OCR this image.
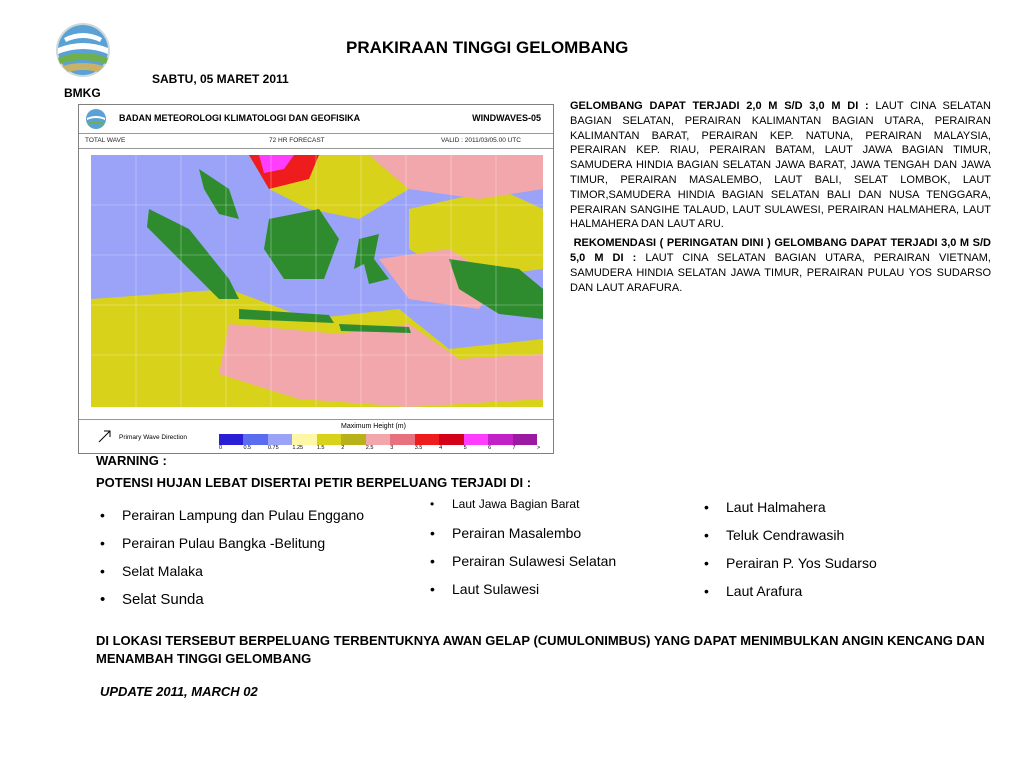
BMKG
PRAKIRAAN TINGGI GELOMBANG
SABTU, 05 MARET 2011
BADAN METEOROLOGI KLIMATOLOGI DAN GEOFISIKA	WINDWAVES-05
TOTAL WAVE	72 HR FORECAST	VALID : 2011/03/05.00 UTC
Primary Wave Direction
Maximum Height (m)
0	0.5	0.75 1.25	1.5	2	2.5	3	3.5	4	5	6	7	>

GELOMBANG DAPAT TERJADI 2,0 M S/D 3,0 M DI : LAUT CINA SELATAN BAGIAN SELATAN, PERAIRAN KALIMANTAN BAGIAN UTARA, PERAIRAN KALIMANTAN BARAT, PERAIRAN KEP. NATUNA, PERAIRAN MALAYSIA, PERAIRAN KEP. RIAU, PERAIRAN BATAM, LAUT JAWA BAGIAN TIMUR, SAMUDERA HINDIA BAGIAN SELATAN JAWA BARAT, JAWA TENGAH DAN JAWA TIMUR, PERAIRAN MASALEMBO, LAUT BALI, SELAT LOMBOK, LAUT TIMOR,SAMUDERA HINDIA BAGIAN SELATAN BALI DAN NUSA TENGGARA, PERAIRAN SANGIHE TALAUD, LAUT SULAWESI, PERAIRAN HALMAHERA, LAUT HALMAHERA DAN LAUT ARU.

REKOMENDASI ( PERINGATAN DINI ) GELOMBANG DAPAT TERJADI 3,0 M S/D 5,0 M DI : LAUT CINA SELATAN BAGIAN UTARA, PERAIRAN VIETNAM, SAMUDERA HINDIA SELATAN JAWA TIMUR, PERAIRAN PULAU YOS SUDARSO DAN LAUT ARAFURA.

WARNING :
POTENSI HUJAN LEBAT DISERTAI PETIR BERPELUANG TERJADI DI :
• Perairan Lampung dan Pulau Enggano
• Perairan Pulau Bangka -Belitung
• Selat Malaka
• Selat Sunda
• Laut Jawa Bagian Barat
• Perairan Masalembo
• Perairan Sulawesi Selatan
• Laut Sulawesi
• Laut Halmahera
• Teluk Cendrawasih
• Perairan P. Yos Sudarso
• Laut Arafura
DI LOKASI TERSEBUT BERPELUANG TERBENTUKNYA AWAN GELAP (CUMULONIMBUS) YANG DAPAT MENIMBULKAN ANGIN KENCANG DAN MENAMBAH TINGGI GELOMBANG
UPDATE 2011, MARCH 02
